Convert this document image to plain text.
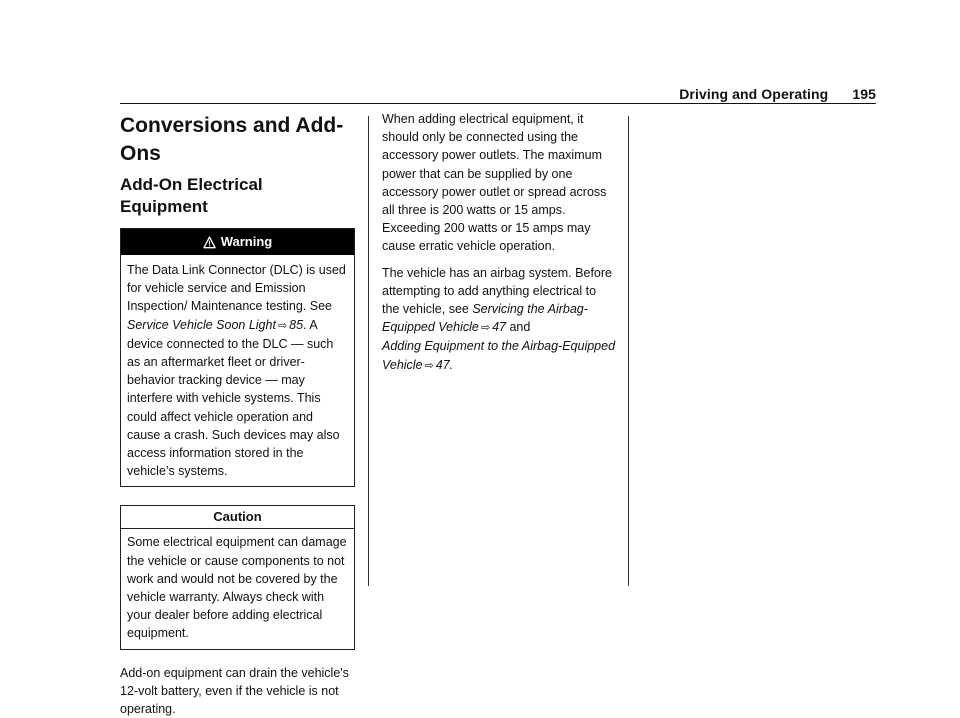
Driving and Operating 195
Conversions and Add-Ons
Add-On Electrical Equipment
Warning
The Data Link Connector (DLC) is used for vehicle service and Emission Inspection/ Maintenance testing. See Service Vehicle Soon Light ⇨ 85. A device connected to the DLC — such as an aftermarket fleet or driver-behavior tracking device — may interfere with vehicle systems. This could affect vehicle operation and cause a crash. Such devices may also access information stored in the vehicle’s systems.
Caution
Some electrical equipment can damage the vehicle or cause components to not work and would not be covered by the vehicle warranty. Always check with your dealer before adding electrical equipment.

Add-on equipment can drain the vehicle's 12-volt battery, even if the vehicle is not operating.

When adding electrical equipment, it should only be connected using the accessory power outlets. The maximum power that can be supplied by one accessory power outlet or spread across all three is 200 watts or 15 amps. Exceeding 200 watts or 15 amps may cause erratic vehicle operation.

The vehicle has an airbag system. Before attempting to add anything electrical to the vehicle, see Servicing the Airbag-Equipped Vehicle ⇨ 47 and
Adding Equipment to the Airbag-Equipped Vehicle ⇨ 47.
